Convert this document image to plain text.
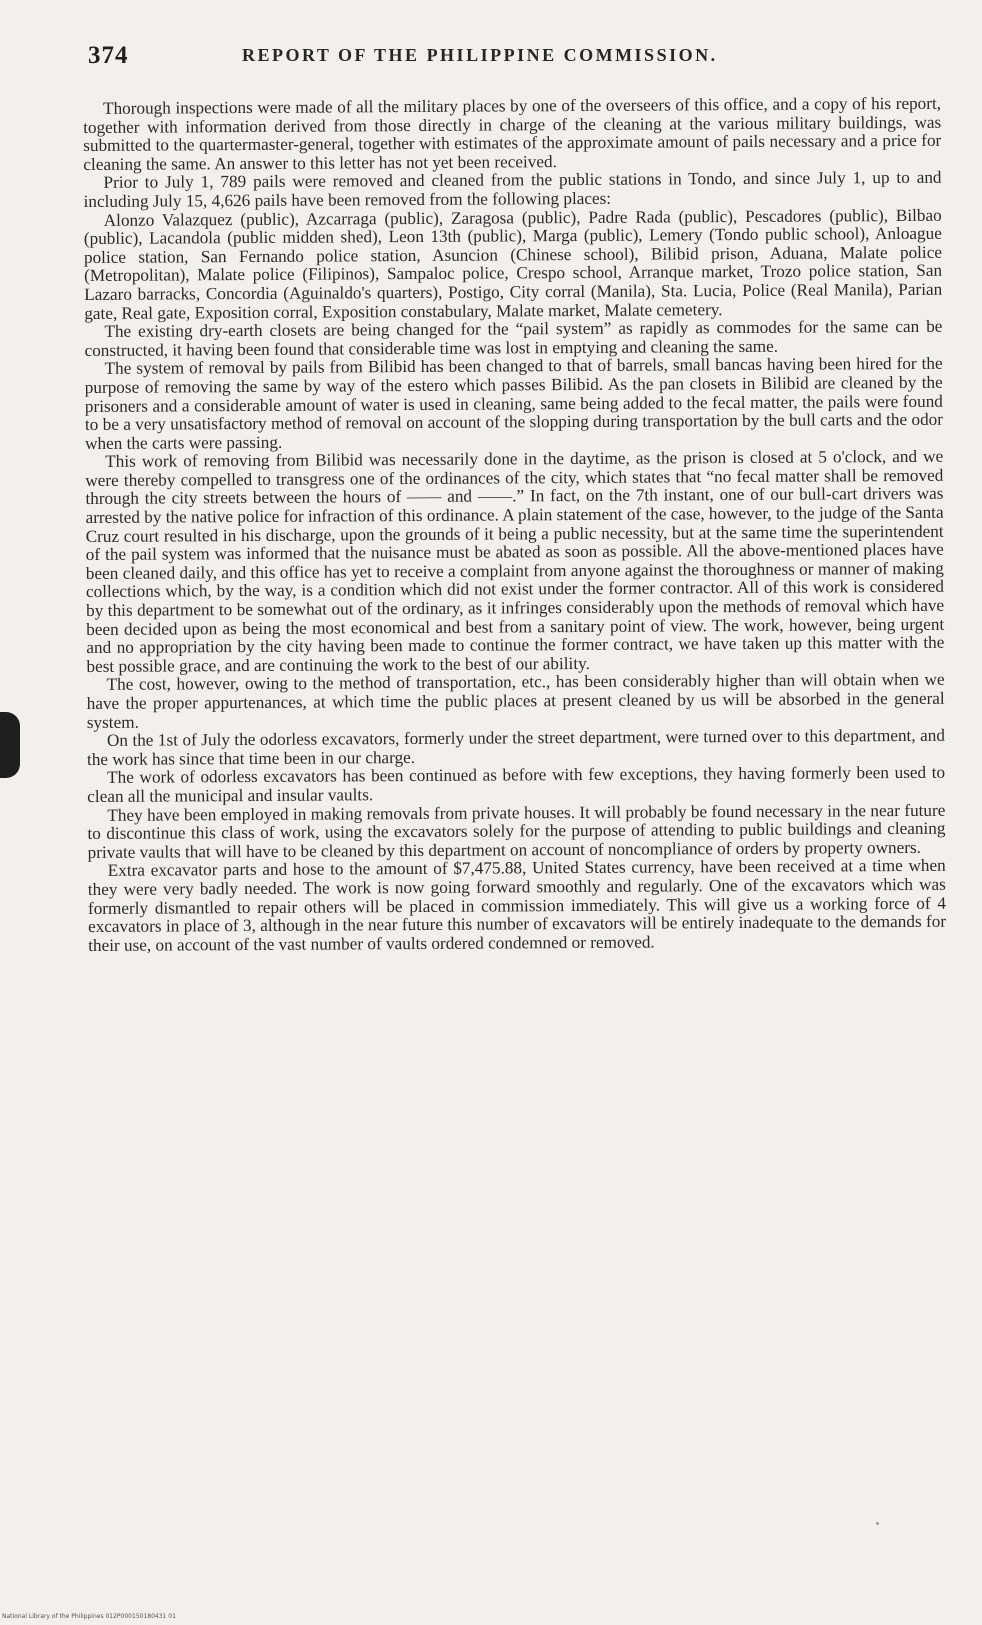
374	REPORT OF THE PHILIPPINE COMMISSION.

Thorough inspections were made of all the military places by one of the overseers of this office, and a copy of his report, together with information derived from those directly in charge of the cleaning at the various military buildings, was submitted to the quartermaster-general, together with estimates of the approximate amount of pails necessary and a price for cleaning the same. An answer to this letter has not yet been received.

Prior to July 1, 789 pails were removed and cleaned from the public stations in Tondo, and since July 1, up to and including July 15, 4,626 pails have been removed from the following places:

Alonzo Valazquez (public), Azcarraga (public), Zaragosa (public), Padre Rada (public), Pescadores (public), Bilbao (public), Lacandola (public midden shed), Leon 13th (public), Marga (public), Lemery (Tondo public school), Anloague police station, San Fernando police station, Asuncion (Chinese school), Bilibid prison, Aduana, Malate police (Metropolitan), Malate police (Filipinos), Sampaloc police, Crespo school, Arranque market, Trozo police station, San Lazaro barracks, Concordia (Aguinaldo's quarters), Postigo, City corral (Manila), Sta. Lucia, Police (Real Manila), Parian gate, Real gate, Exposition corral, Exposition constabulary, Malate market, Malate cemetery.

The existing dry-earth closets are being changed for the “pail system” as rapidly as commodes for the same can be constructed, it having been found that considerable time was lost in emptying and cleaning the same.

The system of removal by pails from Bilibid has been changed to that of barrels, small bancas having been hired for the purpose of removing the same by way of the estero which passes Bilibid. As the pan closets in Bilibid are cleaned by the prisoners and a considerable amount of water is used in cleaning, same being added to the fecal matter, the pails were found to be a very unsatisfactory method of removal on account of the slopping during transportation by the bull carts and the odor when the carts were passing.

This work of removing from Bilibid was necessarily done in the daytime, as the prison is closed at 5 o'clock, and we were thereby compelled to transgress one of the ordinances of the city, which states that “no fecal matter shall be removed through the city streets between the hours of —— and ——.” In fact, on the 7th instant, one of our bull-cart drivers was arrested by the native police for infraction of this ordinance. A plain statement of the case, however, to the judge of the Santa Cruz court resulted in his discharge, upon the grounds of it being a public necessity, but at the same time the superintendent of the pail system was informed that the nuisance must be abated as soon as possible. All the above-mentioned places have been cleaned daily, and this office has yet to receive a complaint from anyone against the thoroughness or manner of making collections which, by the way, is a condition which did not exist under the former contractor. All of this work is considered by this department to be somewhat out of the ordinary, as it infringes considerably upon the methods of removal which have been decided upon as being the most economical and best from a sanitary point of view. The work, however, being urgent and no appropriation by the city having been made to continue the former contract, we have taken up this matter with the best possible grace, and are continuing the work to the best of our ability.

The cost, however, owing to the method of transportation, etc., has been considerably higher than will obtain when we have the proper appurtenances, at which time the public places at present cleaned by us will be absorbed in the general system.

On the 1st of July the odorless excavators, formerly under the street department, were turned over to this department, and the work has since that time been in our charge.

The work of odorless excavators has been continued as before with few exceptions, they having formerly been used to clean all the municipal and insular vaults.

They have been employed in making removals from private houses. It will probably be found necessary in the near future to discontinue this class of work, using the excavators solely for the purpose of attending to public buildings and cleaning private vaults that will have to be cleaned by this department on account of noncompliance of orders by property owners.

Extra excavator parts and hose to the amount of $7,475.88, United States currency, have been received at a time when they were very badly needed. The work is now going forward smoothly and regularly. One of the excavators which was formerly dismantled to repair others will be placed in commission immediately. This will give us a working force of 4 excavators in place of 3, although in the near future this number of excavators will be entirely inadequate to the demands for their use, on account of the vast number of vaults ordered condemned or removed.

National Library of the Philippines 012P000150180431 01
